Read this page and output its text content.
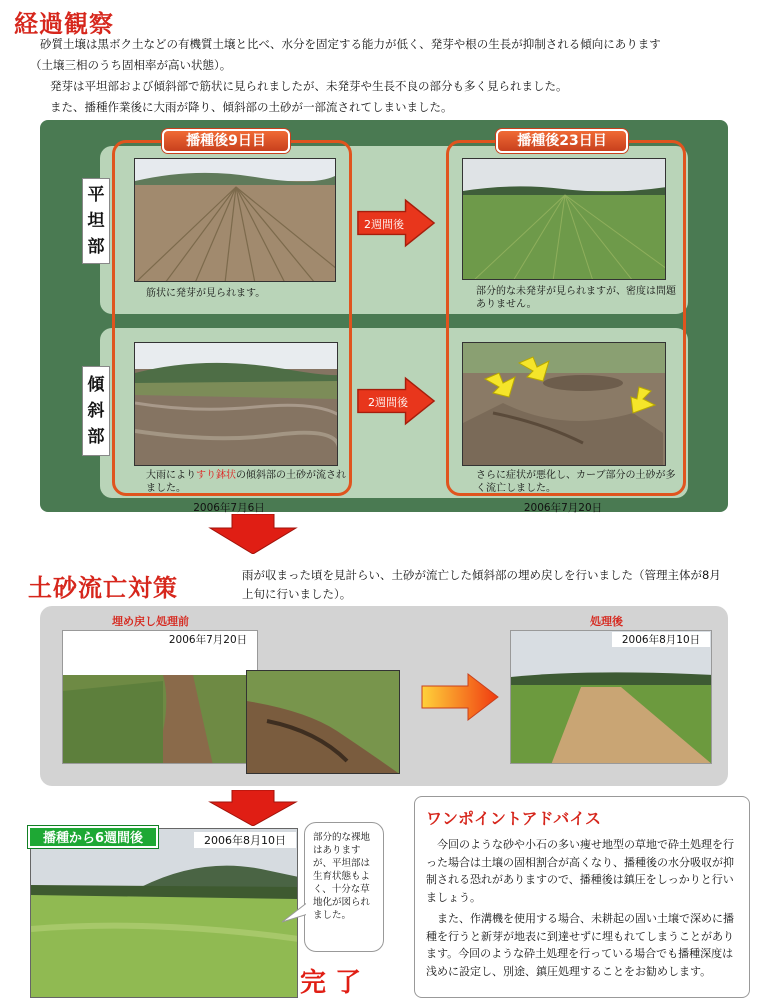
経過観察
砂質土壌は黒ボク土などの有機質土壌と比べ、水分を固定する能力が低く、発芽や根の生長が抑制される傾向にあります
（土壌三相のうち固相率が高い状態）。
発芽は平坦部および傾斜部で筋状に見られましたが、未発芽や生長不良の部分も多く見られました。
また、播種作業後に大雨が降り、傾斜部の土砂が一部流されてしまいました。
播種後9日目	播種後23日目
平
坦
部
傾
斜
部
筋状に発芽が見られます。	部分的な未発芽が見られますが、密度は問題ありません。
2週間後
2週間後
大雨によりすり鉢状の傾斜部の土砂が流されました。
さらに症状が悪化し、カーブ部分の土砂が多く流亡しました。
2006年7月6日	2006年7月20日
土砂流亡対策	雨が収まった頃を見計らい、土砂が流亡した傾斜部の埋め戻しを行いました（管理主体が8月上旬に行いました）。
埋め戻し処理前	処理後
2006年7月20日	2006年8月10日
播種から6週間後	2006年8月10日	部分的な裸地はありますが、平坦部は生育状態もよく、十分な草地化が図られました。
完 了
ワンポイントアドバイス
今回のような砂や小石の多い痩せ地型の草地で砕土処理を行った場合は土壌の固相割合が高くなり、播種後の水分吸収が抑制される恐れがありますので、播種後は鎮圧をしっかりと行いましょう。
また、作溝機を使用する場合、未耕起の固い土壌で深めに播種を行うと新芽が地表に到達せずに埋もれてしまうことがあります。今回のような砕土処理を行っている場合でも播種深度は浅めに設定し、別途、鎮圧処理することをお勧めします。
